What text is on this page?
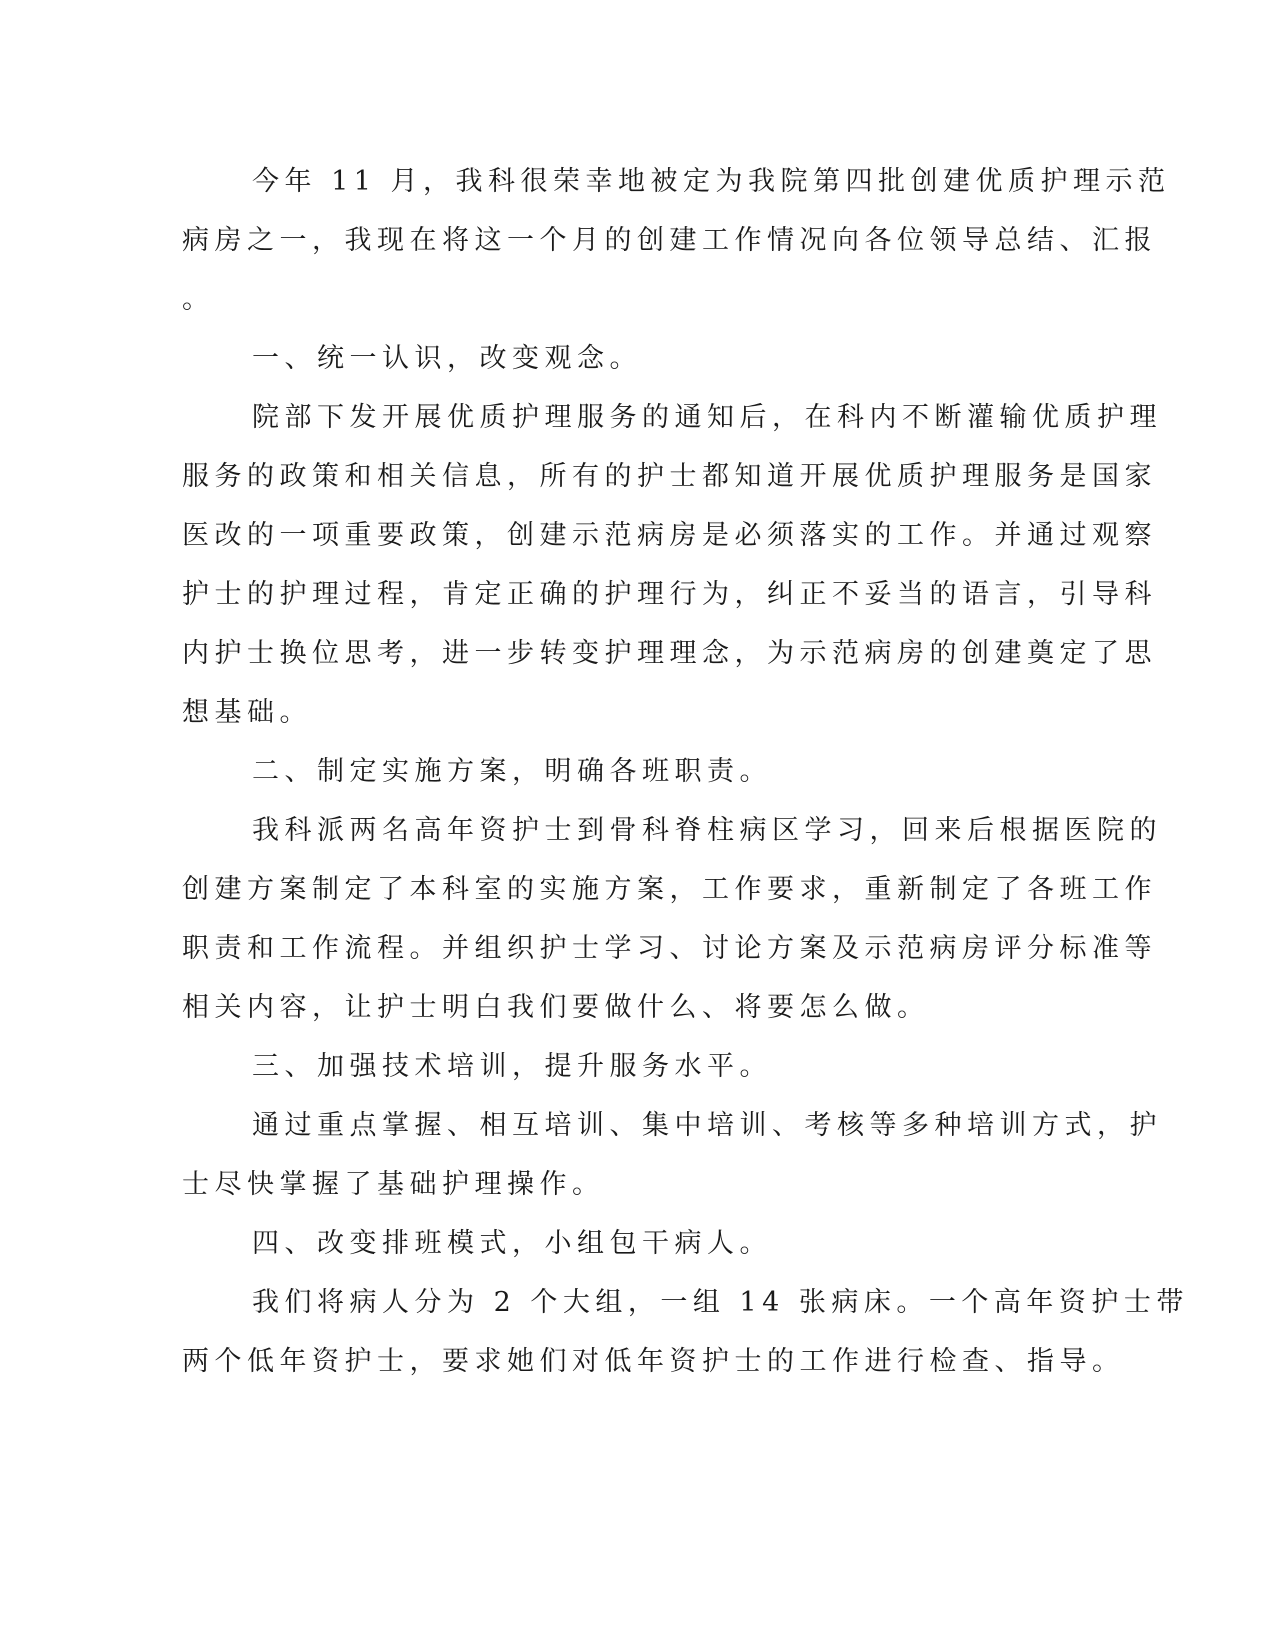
今年 11 月，我科很荣幸地被定为我院第四批创建优质护理示范
病房之一，我现在将这一个月的创建工作情况向各位领导总结、汇报
。
一、统一认识，改变观念。
院部下发开展优质护理服务的通知后，在科内不断灌输优质护理
服务的政策和相关信息，所有的护士都知道开展优质护理服务是国家
医改的一项重要政策，创建示范病房是必须落实的工作。并通过观察
护士的护理过程，肯定正确的护理行为，纠正不妥当的语言，引导科
内护士换位思考，进一步转变护理理念，为示范病房的创建奠定了思
想基础。
二、制定实施方案，明确各班职责。
我科派两名高年资护士到骨科脊柱病区学习，回来后根据医院的
创建方案制定了本科室的实施方案，工作要求，重新制定了各班工作
职责和工作流程。并组织护士学习、讨论方案及示范病房评分标准等
相关内容，让护士明白我们要做什么、将要怎么做。
三、加强技术培训，提升服务水平。
通过重点掌握、相互培训、集中培训、考核等多种培训方式，护
士尽快掌握了基础护理操作。
四、改变排班模式，小组包干病人。
我们将病人分为 2 个大组，一组 14 张病床。一个高年资护士带
两个低年资护士，要求她们对低年资护士的工作进行检查、指导。
